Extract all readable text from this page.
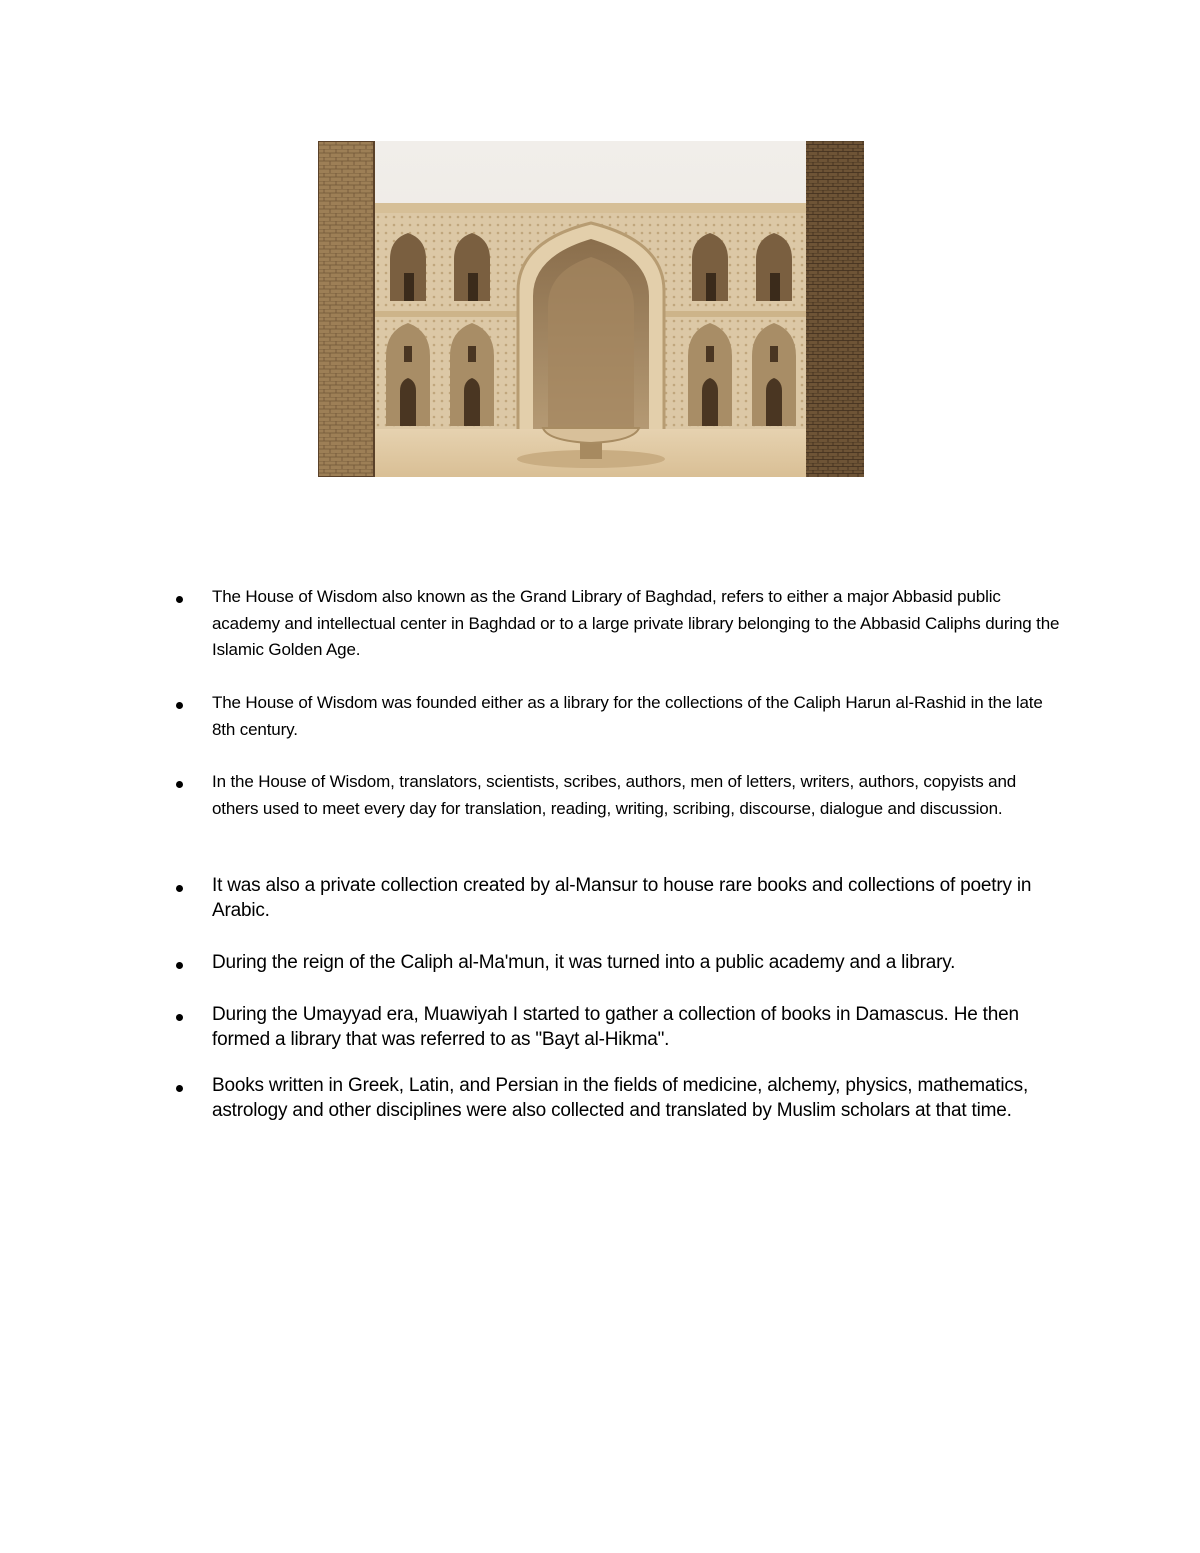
The House of Wisdom also known as the Grand Library of Baghdad, refers to either a major Abbasid public academy and intellectual center in Baghdad or to a large private library belonging to the Abbasid Caliphs during the Islamic Golden Age.
The House of Wisdom was founded either as a library for the collections of the Caliph Harun al-Rashid in the late 8th century.
In the House of Wisdom, translators, scientists, scribes, authors, men of letters, writers, authors, copyists and others used to meet every day for translation, reading, writing, scribing, discourse, dialogue and discussion.
It was also a private collection created by al-Mansur to house rare books and collections of poetry in Arabic.
During the reign of the Caliph al-Ma'mun, it was turned into a public academy and a library.
During the Umayyad era, Muawiyah I started to gather a collection of books in Damascus. He then formed a library that was referred to as "Bayt al-Hikma".
Books written in Greek, Latin, and Persian in the fields of medicine, alchemy, physics, mathematics, astrology and other disciplines were also collected and translated by Muslim scholars at that time.
